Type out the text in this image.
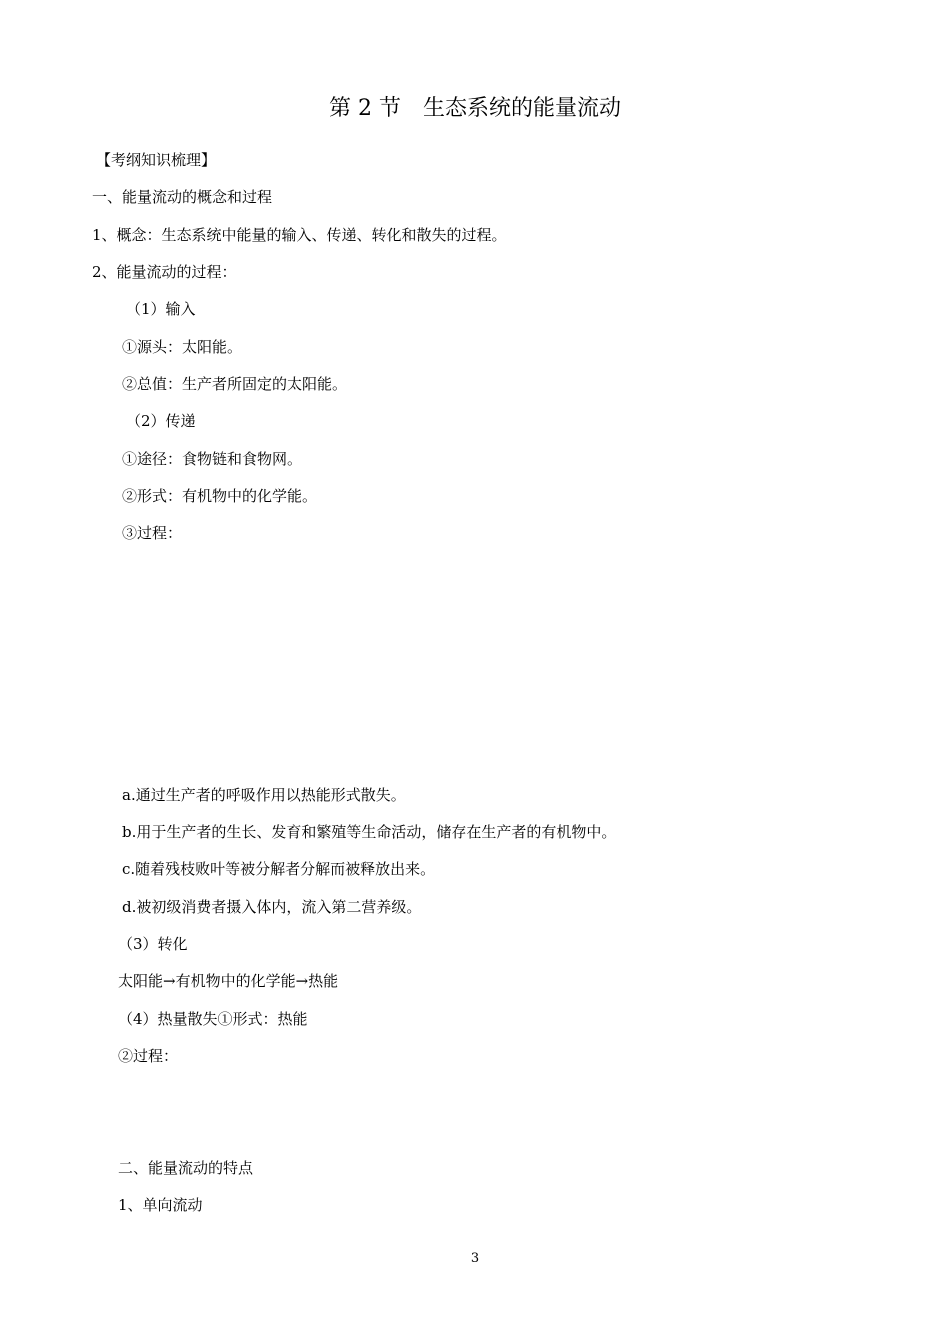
第 2 节　生态系统的能量流动
【考纲知识梳理】
一、能量流动的概念和过程
1、概念：生态系统中能量的输入、传递、转化和散失的过程。
2、能量流动的过程：
（1）输入
①源头：太阳能。
②总值：生产者所固定的太阳能。
（2）传递
①途径：食物链和食物网。
②形式：有机物中的化学能。
③过程：
a.通过生产者的呼吸作用以热能形式散失。
b.用于生产者的生长、发育和繁殖等生命活动，储存在生产者的有机物中。
c.随着残枝败叶等被分解者分解而被释放出来。
d.被初级消费者摄入体内，流入第二营养级。
（3）转化
太阳能→有机物中的化学能→热能
（4）热量散失①形式：热能
②过程：
二、能量流动的特点
1、单向流动
3
